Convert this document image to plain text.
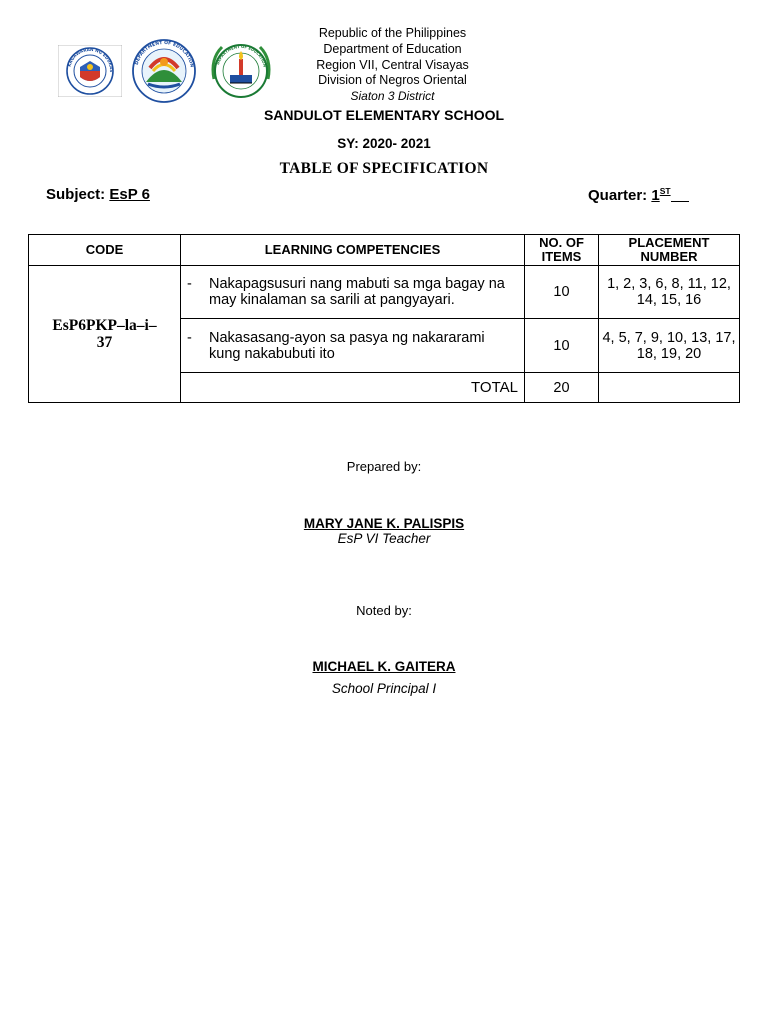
KAGAWARAN NG EDUKAS
DEPARTMENT OF EDUCATION
DEPARTMENT OF EDUCATION
Republic of the Philippines
Department of Education
Region VII, Central Visayas
Division of Negros Oriental
Siaton 3 District
SANDULOT ELEMENTARY SCHOOL
SY: 2020- 2021
TABLE OF SPECIFICATION
Subject: EsP 6	Quarter: 1ST
CODE	LEARNING COMPETENCIES	NO. OF ITEMS	PLACEMENT NUMBER

EsP6PKP–la–i–37	- Nakapagsusuri nang mabuti sa mga bagay na may kinalaman sa sarili at pangyayari.	10	1, 2, 3, 6, 8, 11, 12, 14, 15, 16

	- Nakasasang-ayon sa pasya ng nakararami kung nakabubuti ito	10	4, 5, 7, 9, 10, 13, 17, 18, 19, 20
	TOTAL	20	
Prepared by:
MARY JANE K. PALISPIS
EsP VI Teacher
Noted by:
MICHAEL K. GAITERA
School Principal I
